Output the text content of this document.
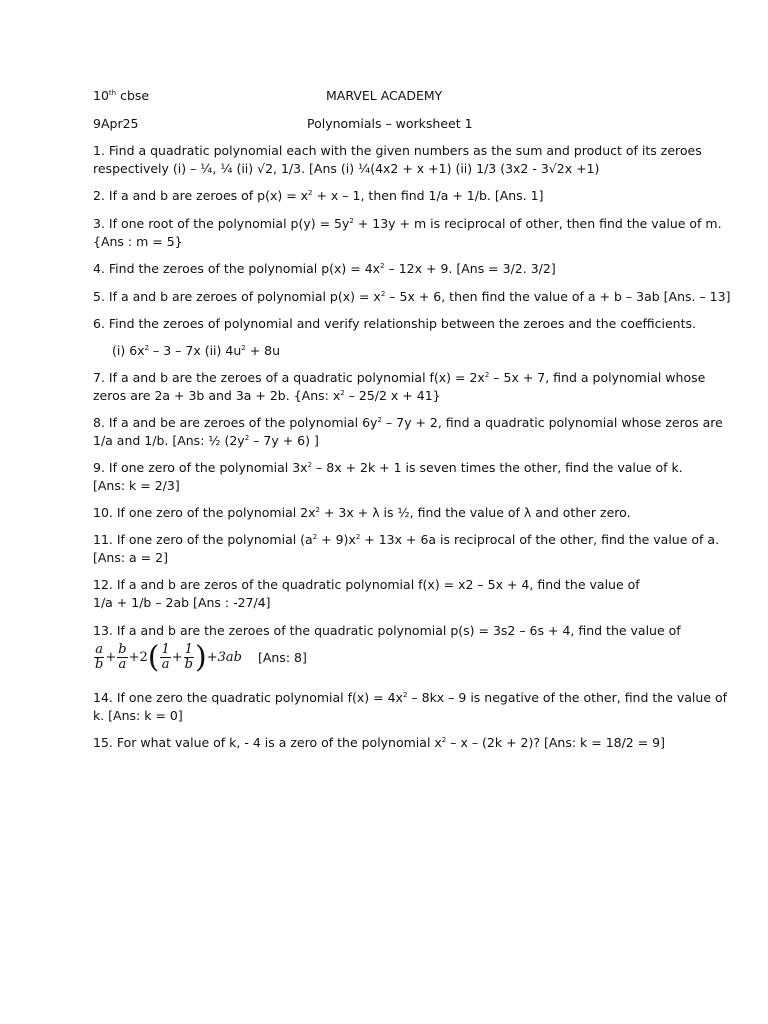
10th cbse	MARVEL ACADEMY
9Apr25	Polynomials – worksheet 1
1. Find a quadratic polynomial each with the given numbers as the sum and product of its zeroes
respectively (i) – ¼, ¼ (ii) √2, 1/3. [Ans (i) ¼(4x2 + x +1) (ii) 1/3 (3x2 - 3√2x +1)
2. If a and b are zeroes of $p(x) = x^2 + x - 1$, then find 1/a + 1/b. [Ans. 1]
3. If one root of the polynomial $p(y) = 5y^2 + 13y + m$ is reciprocal of other, then find the value of m.
{Ans : m = 5}
4. Find the zeroes of the polynomial $p(x) = 4x^2 - 12x + 9$. [Ans = 3/2. 3/2]
5. If a and b are zeroes of polynomial $p(x) = x^2 - 5x + 6$, then find the value of a + b – 3ab [Ans. – 13]
6. Find the zeroes of polynomial and verify relationship between the zeroes and the coefficients.
(i) $6x^2 - 3 - 7x$ (ii) $4u^2 + 8u$
7. If a and b are the zeroes of a quadratic polynomial $f(x) = 2x^2 - 5x + 7$, find a polynomial whose
zeros are 2a + 3b and 3a + 2b. {Ans: $x^2 - 25/2$ x + 41}
8. If a and be are zeroes of the polynomial $6y^2 - 7y + 2$, find a quadratic polynomial whose zeros are
1/a and 1/b. [Ans: ½ $(2y^2 - 7y + 6)$ ]
9. If one zero of the polynomial $3x^2 - 8x + 2k + 1$ is seven times the other, find the value of k.
[Ans: k = 2/3]
10. If one zero of the polynomial $2x^2 + 3x + \lambda$ is ½, find the value of λ and other zero.
11. If one zero of the polynomial $(a^2 + 9)x^2 + 13x + 6a$ is reciprocal of the other, find the value of a.
[Ans: a = 2]
12. If a and b are zeros of the quadratic polynomial f(x) = x2 – 5x + 4, find the value of
1/a + 1/b – 2ab [Ans : -27/4]
13. If a and b are the zeroes of the quadratic polynomial p(s) = 3s2 – 6s + 4, find the value of
$\frac{a}{b} + \frac{b}{a} + 2$ ( $\frac{1}{a} + \frac{1}{b}$ ) + 3ab [Ans: 8]
14. If one zero the quadratic polynomial $f(x) = 4x^2 - 8kx - 9$ is negative of the other, find the value of
k. [Ans: k = 0]
15. For what value of k, - 4 is a zero of the polynomial $x^2 - x - (2k + 2)$? [Ans: k = 18/2 = 9]
